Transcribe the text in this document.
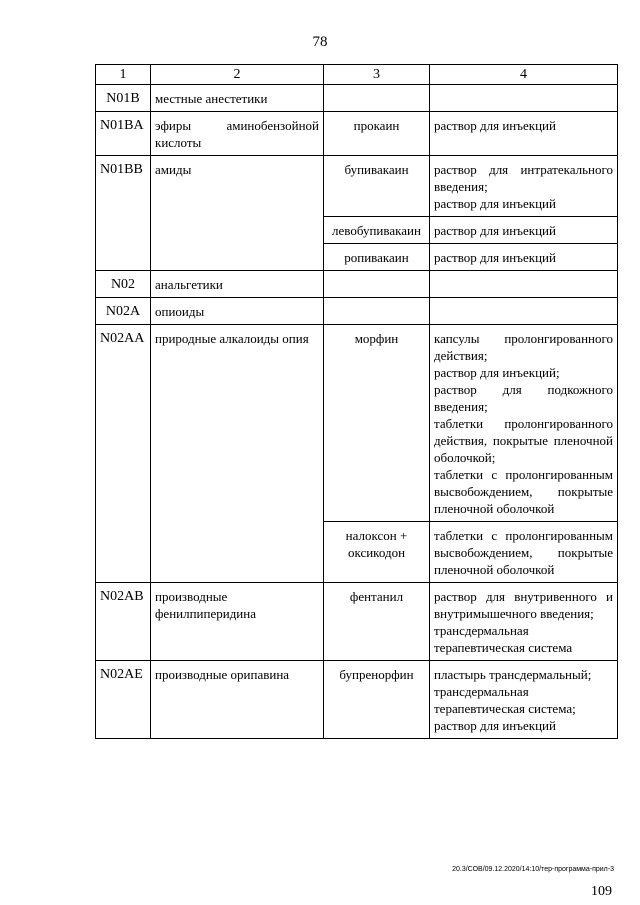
78
1	2	3	4
N01B	местные анестетики		
N01BA	эфиры аминобензойной кислоты	прокаин	раствор для инъекций

N01BB	амиды	бупивакаин	раствор для интратекального введения;
раствор для инъекций

		левобупивакаин	раствор для инъекций

		ропивакаин	раствор для инъекций

N02	анальгетики		
N02A	опиоиды		
N02AA	природные алкалоиды опия	морфин	капсулы пролонгированного действия;
раствор для инъекций;
раствор для подкожного введения;
таблетки пролонгированного действия, покрытые пленочной оболочкой;
таблетки с пролонгированным высвобождением, покрытые пленочной оболочкой

		налоксон + оксикодон	таблетки с пролонгированным высвобождением, покрытые пленочной оболочкой

N02AB	производные фенилпиперидина	фентанил	раствор для внутривенного и внутримышечного введения;
трансдермальная терапевтическая система

N02AE	производные орипавина	бупренорфин	пластырь трансдермальный;
трансдермальная терапевтическая система;
раствор для инъекций
20.3/СОВ/09.12.2020/14:10/тер-программа-прил-3
109
